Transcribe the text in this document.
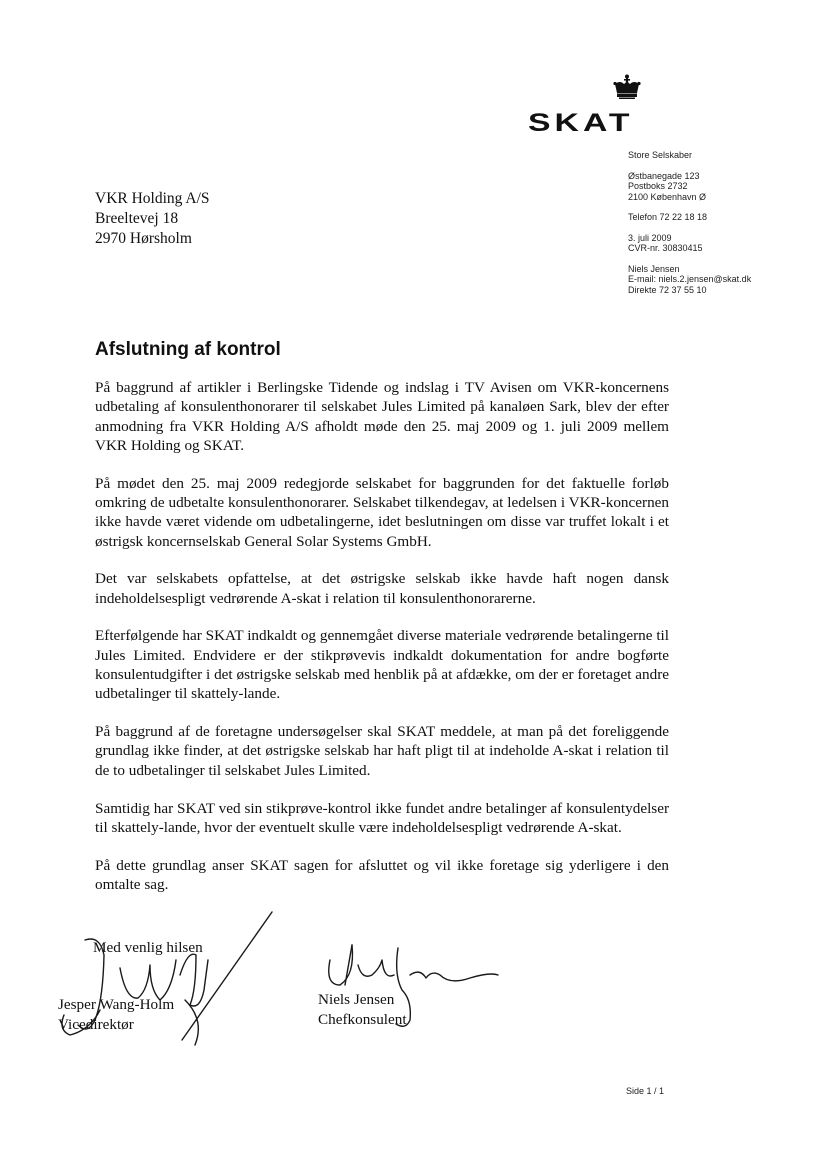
SKAT
Store Selskaber
Østbanegade 123
Postboks 2732
2100 København Ø
Telefon 72 22 18 18
3. juli 2009
CVR-nr. 30830415
Niels Jensen
E-mail: niels.2.jensen@skat.dk
Direkte 72 37 55 10
VKR Holding A/S
Breeltevej 18
2970 Hørsholm
Afslutning af kontrol

På baggrund af artikler i Berlingske Tidende og indslag i TV Avisen om VKR-koncernens udbetaling af konsulenthonorarer til selskabet Jules Limited på kanaløen Sark, blev der efter anmodning fra VKR Holding A/S afholdt møde den 25. maj 2009 og 1. juli 2009 mellem VKR Holding og SKAT.

På mødet den 25. maj 2009 redegjorde selskabet for baggrunden for det faktuelle forløb omkring de udbetalte konsulenthonorarer. Selskabet tilkendegav, at ledelsen i VKR-koncernen ikke havde været vidende om udbetalingerne, idet beslutningen om disse var truffet lokalt i et østrigsk koncernselskab General Solar Systems GmbH.

Det var selskabets opfattelse, at det østrigske selskab ikke havde haft nogen dansk indeholdelsespligt vedrørende A-skat i relation til konsulenthonorarerne.

Efterfølgende har SKAT indkaldt og gennemgået diverse materiale vedrørende betalingerne til Jules Limited. Endvidere er der stikprøvevis indkaldt dokumentation for andre bogførte konsulentudgifter i det østrigske selskab med henblik på at afdække, om der er foretaget andre udbetalinger til skattely-lande.

På baggrund af de foretagne undersøgelser skal SKAT meddele, at man på det foreliggende grundlag ikke finder, at det østrigske selskab har haft pligt til at indeholde A-skat i relation til de to udbetalinger til selskabet Jules Limited.

Samtidig har SKAT ved sin stikprøve-kontrol ikke fundet andre betalinger af konsulentydelser til skattely-lande, hvor der eventuelt skulle være indeholdelsespligt vedrørende A-skat.

På dette grundlag anser SKAT sagen for afsluttet og vil ikke foretage sig yderligere i den omtalte sag.

Med venlig hilsen
Jesper Wang-Holm
Vicedirektør
Niels Jensen
Chefkonsulent
Side 1 / 1
